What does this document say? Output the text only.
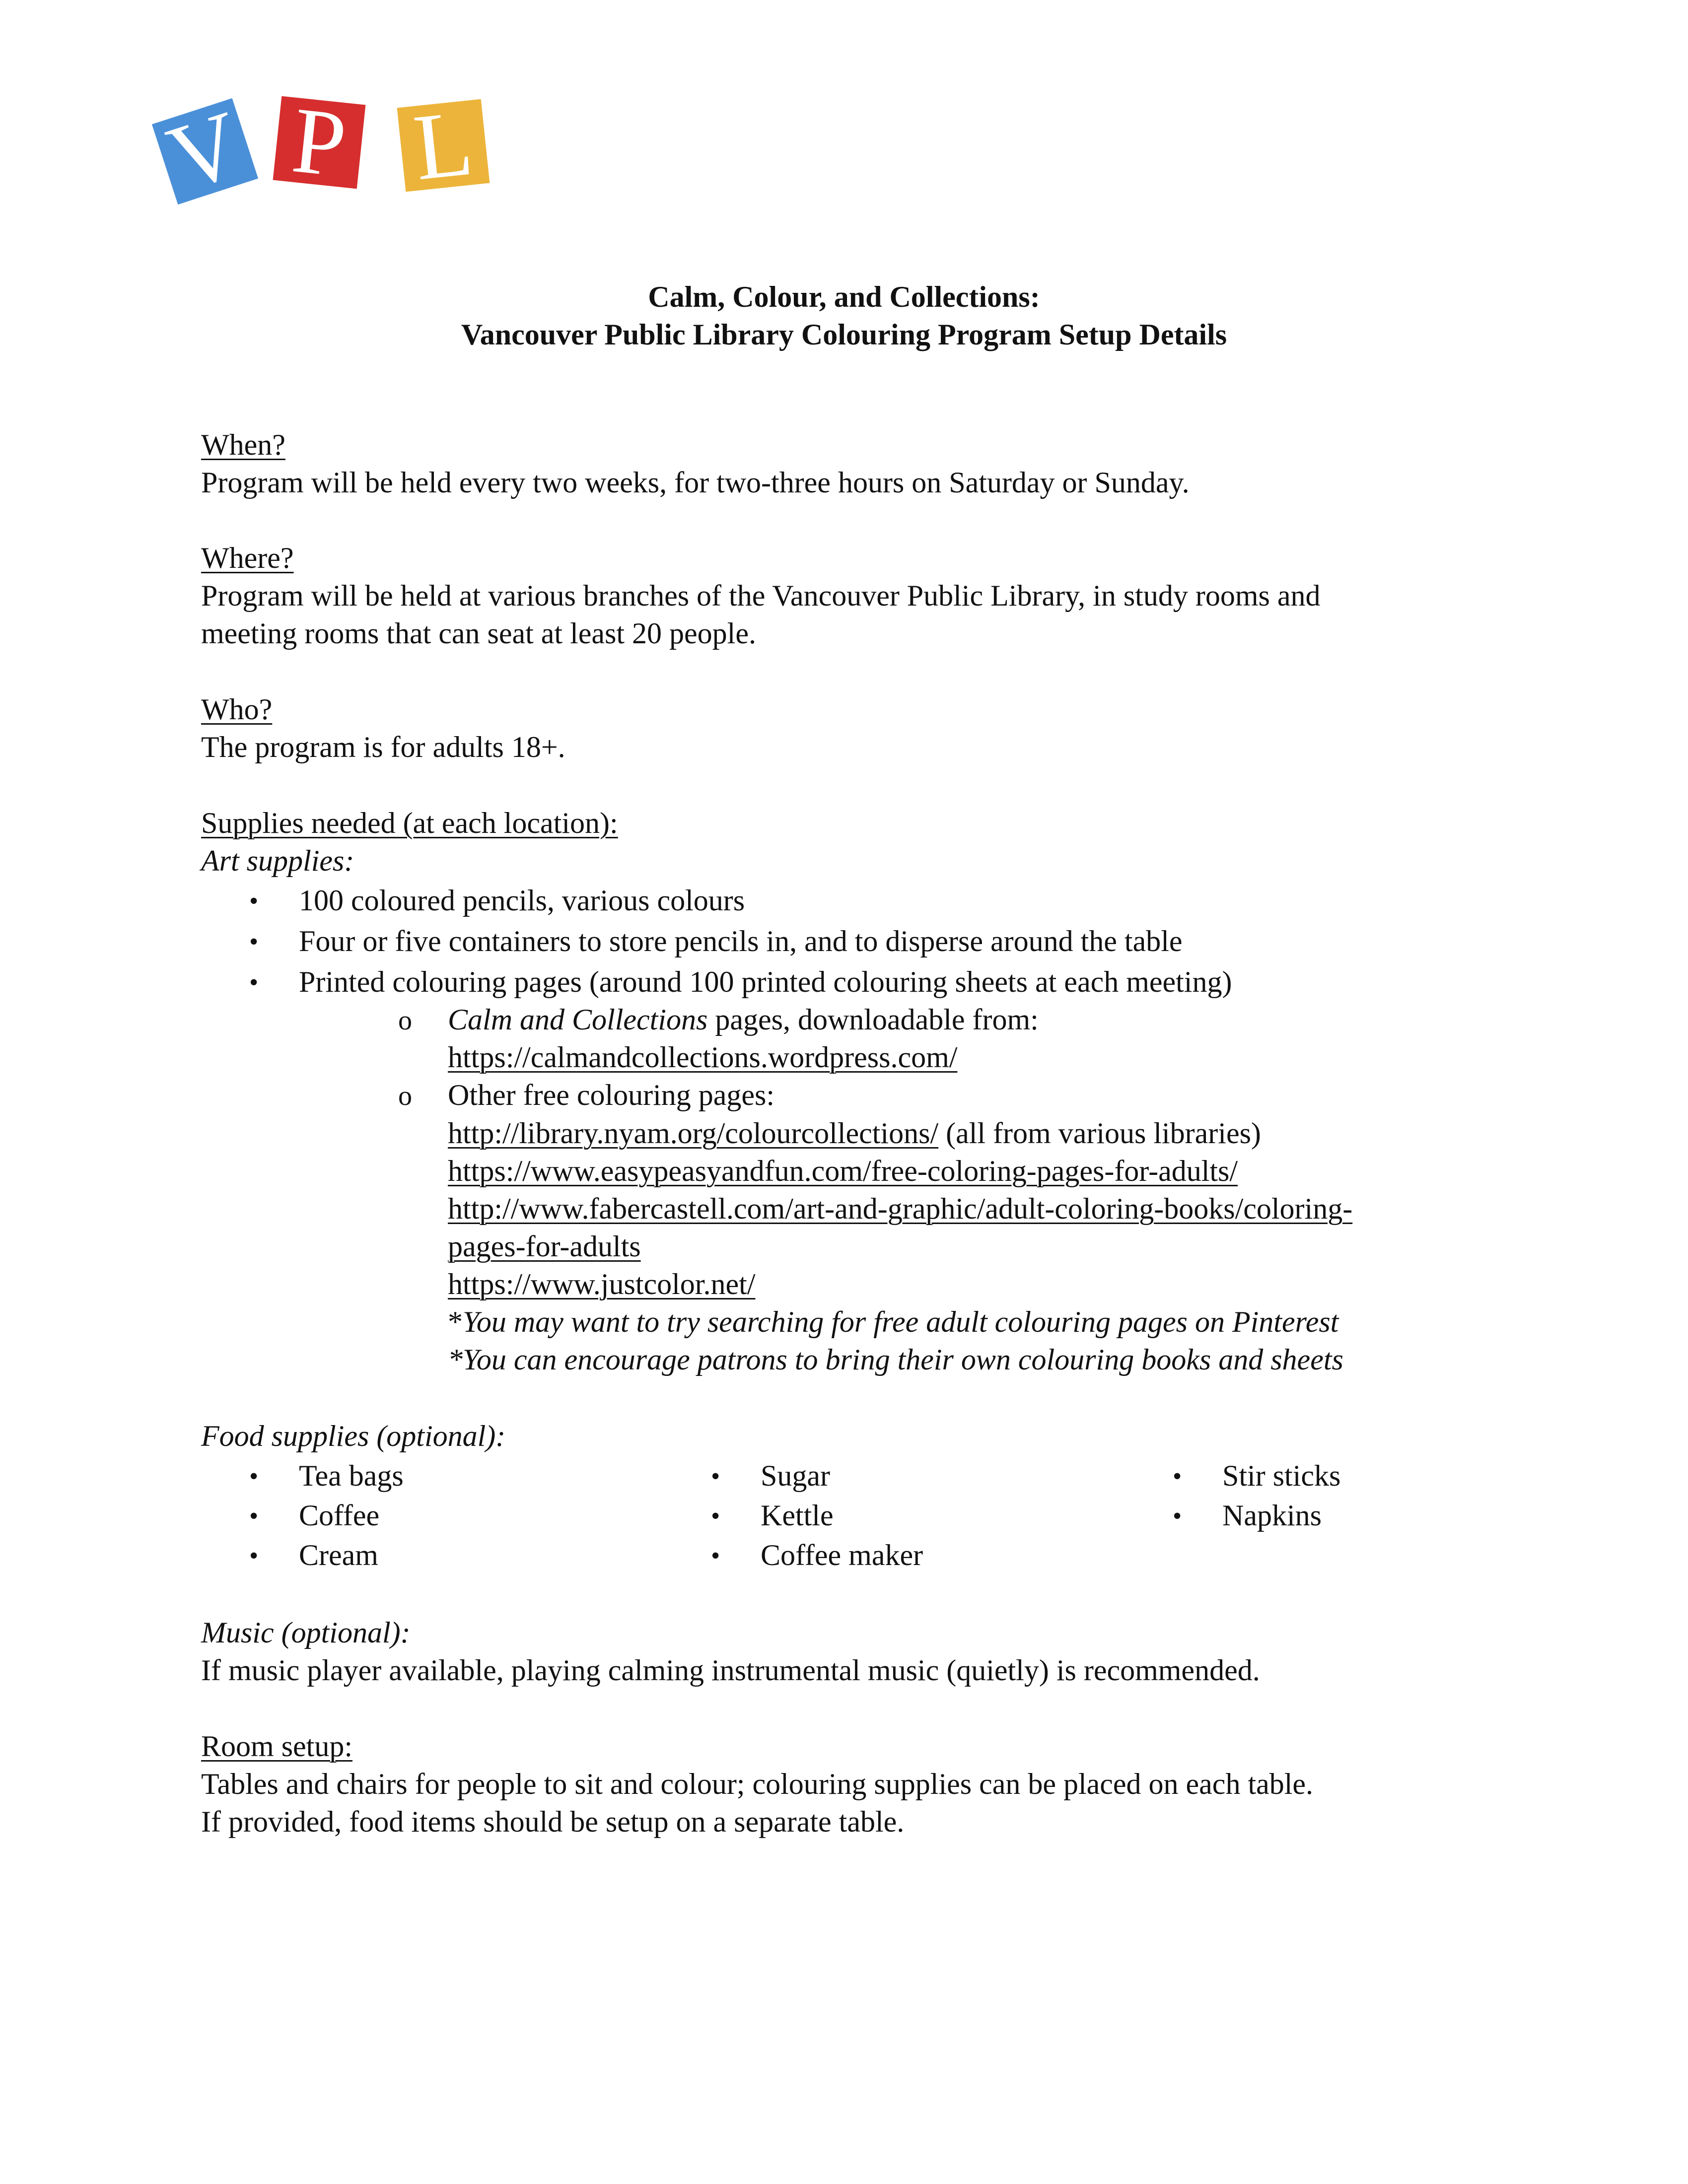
V P L
Calm, Colour, and Collections:
Vancouver Public Library Colouring Program Setup Details
When?
Program will be held every two weeks, for two-three hours on Saturday or Sunday.
Where?
Program will be held at various branches of the Vancouver Public Library, in study rooms and
meeting rooms that can seat at least 20 people.
Who?
The program is for adults 18+.
Supplies needed (at each location):
Art supplies:
• 100 coloured pencils, various colours
• Four or five containers to store pencils in, and to disperse around the table
• Printed colouring pages (around 100 printed colouring sheets at each meeting)
o Calm and Collections pages, downloadable from:
https://calmandcollections.wordpress.com/
o Other free colouring pages:
http://library.nyam.org/colourcollections/ (all from various libraries)
https://www.easypeasyandfun.com/free-coloring-pages-for-adults/
http://www.fabercastell.com/art-and-graphic/adult-coloring-books/coloring-
pages-for-adults
https://www.justcolor.net/
*You may want to try searching for free adult colouring pages on Pinterest
*You can encourage patrons to bring their own colouring books and sheets
Food supplies (optional):
• Tea bags
• Coffee
• Cream
• Sugar
• Kettle
• Coffee maker
• Stir sticks
• Napkins
Music (optional):
If music player available, playing calming instrumental music (quietly) is recommended.
Room setup:
Tables and chairs for people to sit and colour; colouring supplies can be placed on each table.
If provided, food items should be setup on a separate table.
